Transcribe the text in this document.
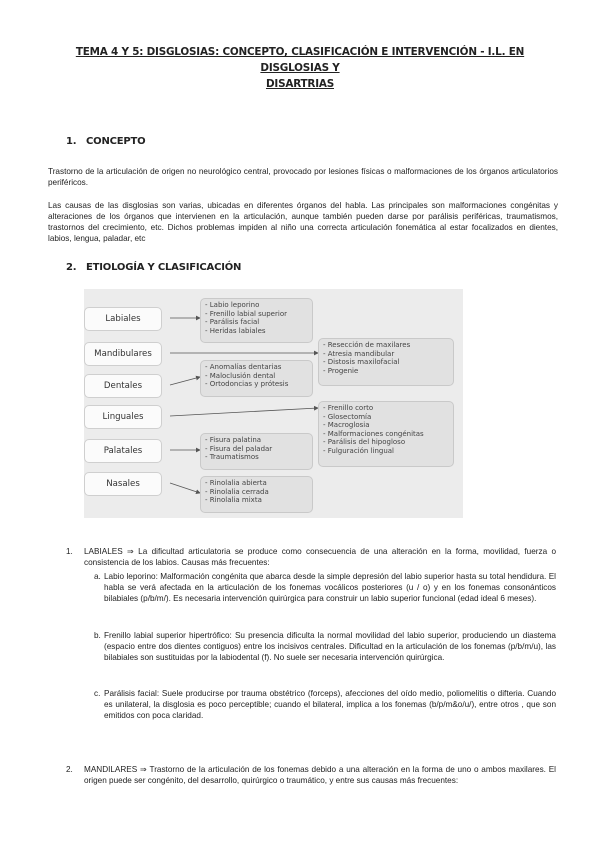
TEMA 4 Y 5: DISGLOSIAS: CONCEPTO, CLASIFICACIÓN E INTERVENCIÓN - I.L. EN DISGLOSIAS Y
DISARTRIAS
1. CONCEPTO
Trastorno de la articulación de origen no neurológico central, provocado por lesiones físicas o malformaciones de los órganos articulatorios periféricos.
Las causas de las disglosias son varias, ubicadas en diferentes órganos del habla. Las principales son malformaciones congénitas y alteraciones de los órganos que intervienen en la articulación, aunque también pueden darse por parálisis periféricas, traumatismos, trastornos del crecimiento, etc. Dichos problemas impiden al niño una correcta articulación fonemática al estar focalizados en dientes, labios, lengua, paladar, etc
2. ETIOLOGÍA Y CLASIFICACIÓN
Labiales
Mandibulares
Dentales
Linguales
Palatales
Nasales
- Labio leporino
- Frenillo labial superior
- Parálisis facial
- Heridas labiales
- Resección de maxilares
- Atresia mandibular
- Distosis maxilofacial
- Progenie
- Anomalías dentarias
- Maloclusión dental
- Ortodoncias y prótesis
- Frenillo corto
- Glosectomía
- Macroglosia
- Malformaciones congénitas
- Parálisis del hipogloso
- Fulguración lingual
- Fisura palatina
- Fisura del paladar
- Traumatismos
- Rinolalia abierta
- Rinolalia cerrada
- Rinolalia mixta
1. LABIALES ⇒ La dificultad articulatoria se produce como consecuencia de una alteración en la forma, movilidad, fuerza o consistencia de los labios. Causas más frecuentes:
a. Labio leporino: Malformación congénita que abarca desde la simple depresión del labio superior hasta su total hendidura. El habla se verá afectada en la articulación de los fonemas vocálicos posteriores (u / o) y en los fonemas consonánticos bilabiales (p/b/m/). Es necesaria intervención quirúrgica para construir un labio superior funcional (edad ideal 6 meses).
b. Frenillo labial superior hipertrófico: Su presencia dificulta la normal movilidad del labio superior, produciendo un diastema (espacio entre dos dientes contiguos) entre los incisivos centrales. Dificultad en la articulación de los fonemas (p/b/m/u), las bilabiales son sustituidas por la labiodental (f). No suele ser necesaria intervención quirúrgica.
c. Parálisis facial: Suele producirse por trauma obstétrico (forceps), afecciones del oído medio, poliomelitis o difteria. Cuando es unilateral, la disglosia es poco perceptible; cuando el bilateral, implica a los fonemas (b/p/m&o/u/), entre otros , que son emitidos con poca claridad.
2. MANDILARES ⇒ Trastorno de la articulación de los fonemas debido a una alteración en la forma de uno o ambos maxilares. El origen puede ser congénito, del desarrollo, quirúrgico o traumático, y entre sus causas más frecuentes:
